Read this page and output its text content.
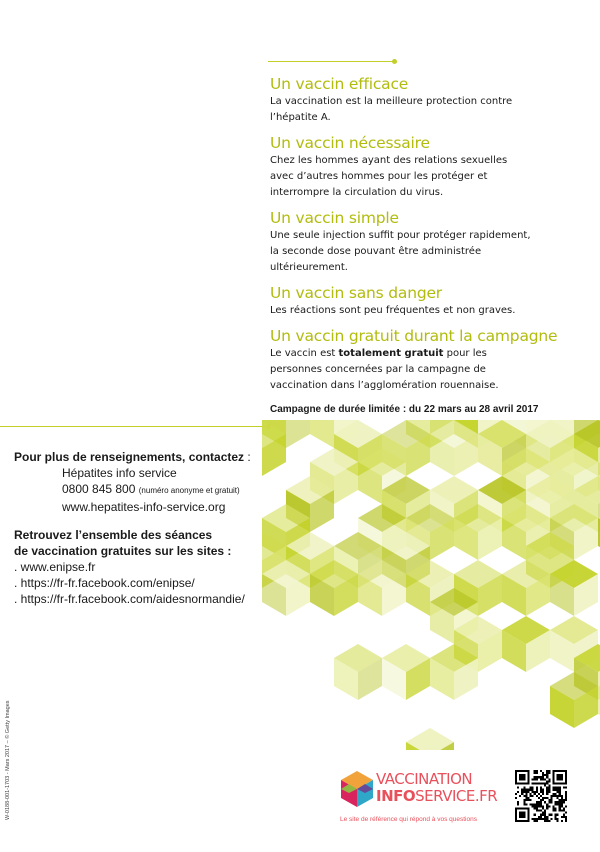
Un vaccin efficace

La vaccination est la meilleure protection contre
l’hépatite A.

Un vaccin nécessaire

Chez les hommes ayant des relations sexuelles
avec d’autres hommes pour les protéger et
interrompre la circulation du virus.

Un vaccin simple

Une seule injection suffit pour protéger rapidement,
la seconde dose pouvant être administrée
ultérieurement.

Un vaccin sans danger

Les réactions sont peu fréquentes et non graves.

Un vaccin gratuit durant la campagne

Le vaccin est totalement gratuit pour les
personnes concernées par la campagne de
vaccination dans l’agglomération rouennaise.

Campagne de durée limitée : du 22 mars au 28 avril 2017
Pour plus de renseignements, contactez :
Hépatites info service
0800 845 800 (numéro anonyme et gratuit)
www.hepatites-info-service.org
Retrouvez l’ensemble des séances
de vaccination gratuites sur les sites :
. www.enipse.fr
. https://fr-fr.facebook.com/enipse/
. https://fr-fr.facebook.com/aidesnormandie/
W-0188-001-1703 - Mars 2017 – © Getty Images	VACCINATION
INFOSERVICE.FR
Le site de référence qui répond à vos questions
